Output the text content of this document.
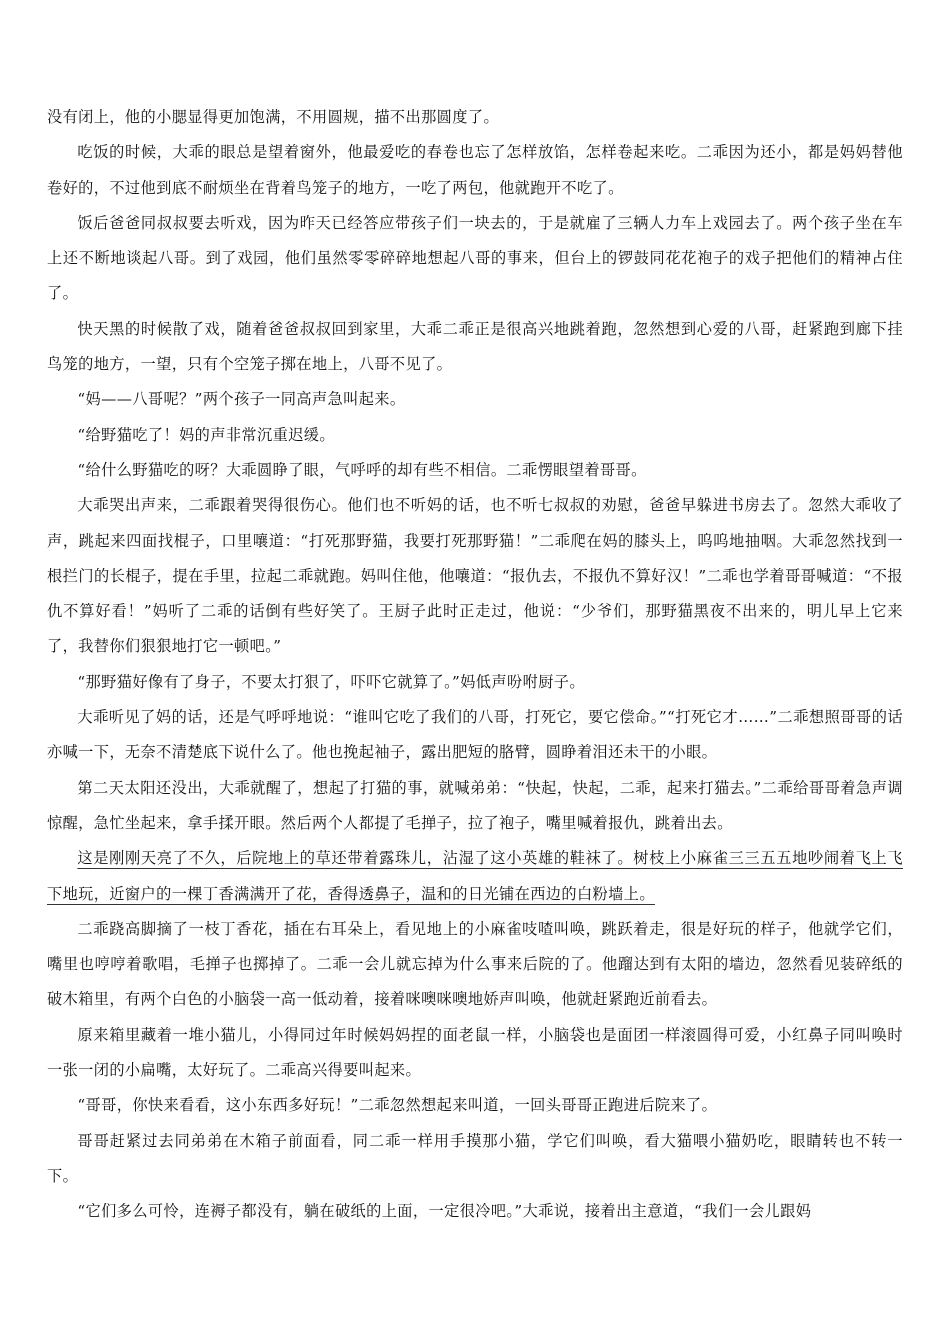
没有闭上，他的小腮显得更加饱满，不用圆规，描不出那圆度了。

吃饭的时候，大乖的眼总是望着窗外，他最爱吃的春卷也忘了怎样放馅，怎样卷起来吃。二乖因为还小，都是妈妈替他卷好的，不过他到底不耐烦坐在背着鸟笼子的地方，一吃了两包，他就跑开不吃了。

饭后爸爸同叔叔要去听戏，因为昨天已经答应带孩子们一块去的，于是就雇了三辆人力车上戏园去了。两个孩子坐在车上还不断地谈起八哥。到了戏园，他们虽然零零碎碎地想起八哥的事来，但台上的锣鼓同花花袍子的戏子把他们的精神占住了。

快天黑的时候散了戏，随着爸爸叔叔回到家里，大乖二乖正是很高兴地跳着跑，忽然想到心爱的八哥，赶紧跑到廊下挂鸟笼的地方，一望，只有个空笼子掷在地上，八哥不见了。

“妈——八哥呢？”两个孩子一同高声急叫起来。

“给野猫吃了！妈的声非常沉重迟缓。

“给什么野猫吃的呀？大乖圆睁了眼，气呼呼的却有些不相信。二乖愣眼望着哥哥。

大乖哭出声来，二乖跟着哭得很伤心。他们也不听妈的话，也不听七叔叔的劝慰，爸爸早躲进书房去了。忽然大乖收了声，跳起来四面找棍子，口里嚷道：“打死那野猫，我要打死那野猫！”二乖爬在妈的膝头上，呜呜地抽咽。大乖忽然找到一根拦门的长棍子，提在手里，拉起二乖就跑。妈叫住他，他嚷道：“报仇去，不报仇不算好汉！”二乖也学着哥哥喊道：“不报仇不算好看！”妈听了二乖的话倒有些好笑了。王厨子此时正走过，他说：“少爷们，那野猫黑夜不出来的，明儿早上它来了，我替你们狠狠地打它一顿吧。”

“那野猫好像有了身子，不要太打狠了，吓吓它就算了。”妈低声吩咐厨子。

大乖听见了妈的话，还是气呼呼地说：“谁叫它吃了我们的八哥，打死它，要它偿命。”“打死它才……”二乖想照哥哥的话亦喊一下，无奈不清楚底下说什么了。他也挽起袖子，露出肥短的胳臂，圆睁着泪还未干的小眼。

第二天太阳还没出，大乖就醒了，想起了打猫的事，就喊弟弟：“快起，快起，二乖，起来打猫去。”二乖给哥哥着急声调惊醒，急忙坐起来，拿手揉开眼。然后两个人都提了毛掸子，拉了袍子，嘴里喊着报仇，跳着出去。

这是刚刚天亮了不久，后院地上的草还带着露珠儿，沾湿了这小英雄的鞋袜了。树枝上小麻雀三三五五地吵闹着飞上飞下地玩，近窗户的一棵丁香满满开了花，香得透鼻子，温和的日光铺在西边的白粉墙上。

二乖跷高脚摘了一枝丁香花，插在右耳朵上，看见地上的小麻雀吱喳叫唤，跳跃着走，很是好玩的样子，他就学它们，嘴里也哼哼着歌唱，毛掸子也掷掉了。二乖一会儿就忘掉为什么事来后院的了。他蹓达到有太阳的墙边，忽然看见装碎纸的破木箱里，有两个白色的小脑袋一高一低动着，接着咪噢咪噢地娇声叫唤，他就赶紧跑近前看去。

原来箱里藏着一堆小猫儿，小得同过年时候妈妈捏的面老鼠一样，小脑袋也是面团一样滚圆得可爱，小红鼻子同叫唤时一张一闭的小扁嘴，太好玩了。二乖高兴得要叫起来。

“哥哥，你快来看看，这小东西多好玩！”二乖忽然想起来叫道，一回头哥哥正跑进后院来了。

哥哥赶紧过去同弟弟在木箱子前面看，同二乖一样用手摸那小猫，学它们叫唤，看大猫喂小猫奶吃，眼睛转也不转一下。

“它们多么可怜，连褥子都没有，躺在破纸的上面，一定很冷吧。”大乖说，接着出主意道，“我们一会儿跟妈
